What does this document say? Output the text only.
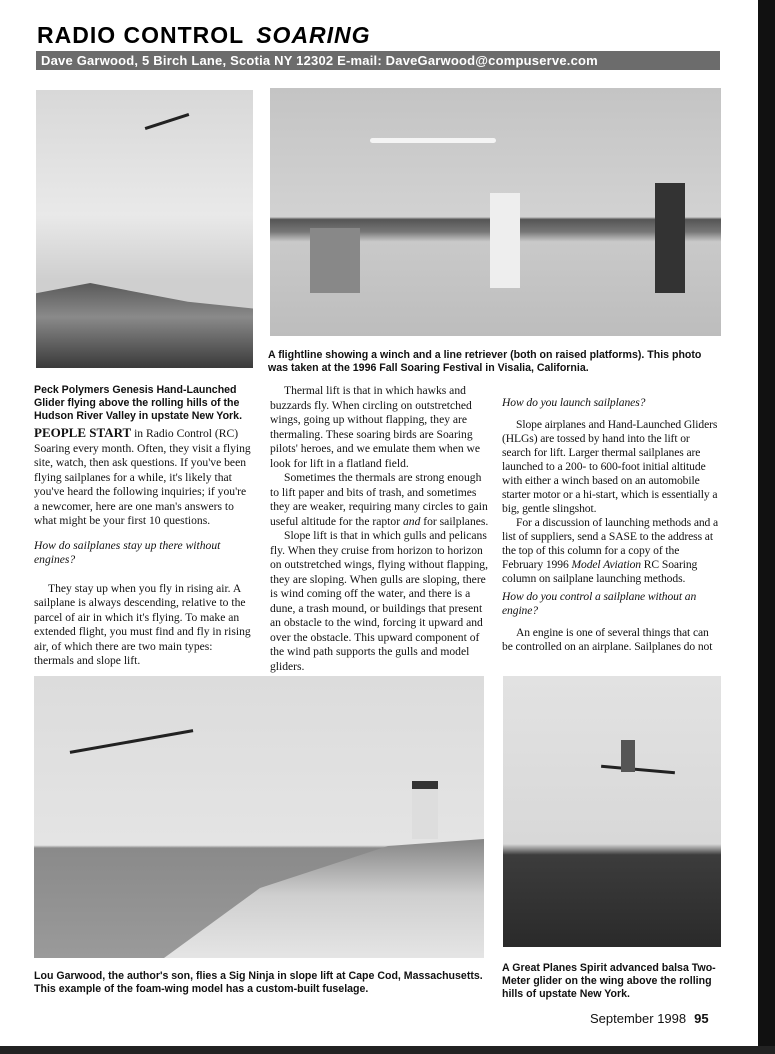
RADIO CONTROL SOARING
Dave Garwood, 5 Birch Lane, Scotia NY 12302 E-mail: DaveGarwood@compuserve.com
A flightline showing a winch and a line retriever (both on raised platforms). This photo was taken at the 1996 Fall Soaring Festival in Visalia, California.
Peck Polymers Genesis Hand-Launched Glider flying above the rolling hills of the Hudson River Valley in upstate New York.

PEOPLE START in Radio Control (RC) Soaring every month. Often, they visit a flying site, watch, then ask questions. If you've been flying sailplanes for a while, it's likely that you've heard the following inquiries; if you're a newcomer, here are one man's answers to what might be your first 10 questions.

How do sailplanes stay up there without engines?

They stay up when you fly in rising air. A sailplane is always descending, relative to the parcel of air in which it's flying. To make an extended flight, you must find and fly in rising air, of which there are two main types: thermals and slope lift.

Thermal lift is that in which hawks and buzzards fly. When circling on outstretched wings, going up without flapping, they are thermaling. These soaring birds are Soaring pilots' heroes, and we emulate them when we look for lift in a flatland field.

Sometimes the thermals are strong enough to lift paper and bits of trash, and sometimes they are weaker, requiring many circles to gain useful altitude for the raptor and for sailplanes.

Slope lift is that in which gulls and pelicans fly. When they cruise from horizon to horizon on outstretched wings, flying without flapping, they are sloping. When gulls are sloping, there is wind coming off the water, and there is a dune, a trash mound, or buildings that present an obstacle to the wind, forcing it upward and over the obstacle. This upward component of the wind path supports the gulls and model gliders.

How do you launch sailplanes?

Slope airplanes and Hand-Launched Gliders (HLGs) are tossed by hand into the lift or search for lift. Larger thermal sailplanes are launched to a 200- to 600-foot initial altitude with either a winch based on an automobile starter motor or a hi-start, which is essentially a big, gentle slingshot.

For a discussion of launching methods and a list of suppliers, send a SASE to the address at the top of this column for a copy of the February 1996 Model Aviation RC Soaring column on sailplane launching methods.

How do you control a sailplane without an engine?

An engine is one of several things that can be controlled on an airplane. Sailplanes do not

Lou Garwood, the author's son, flies a Sig Ninja in slope lift at Cape Cod, Massachusetts. This example of the foam-wing model has a custom-built fuselage.
A Great Planes Spirit advanced balsa Two-Meter glider on the wing above the rolling hills of upstate New York.
September 1998 95
